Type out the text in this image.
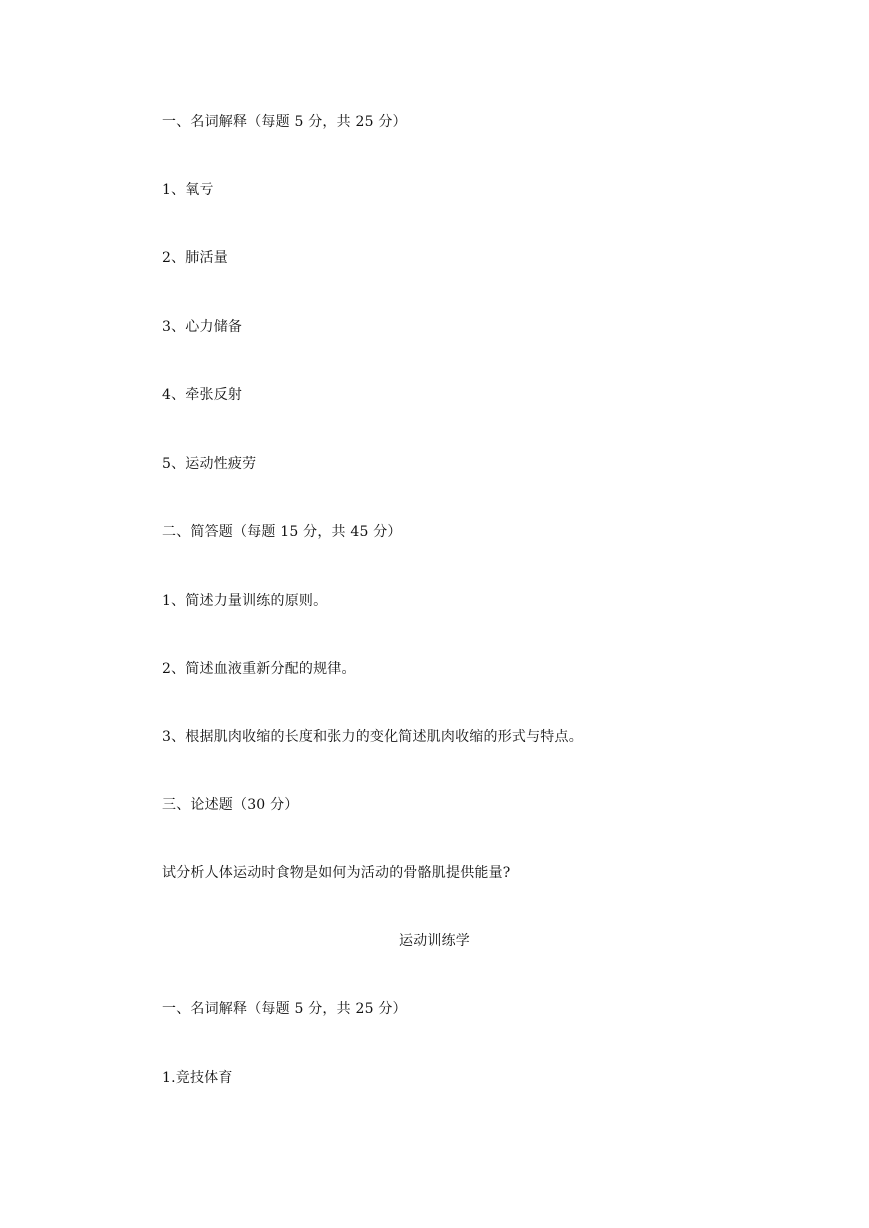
一、名词解释（每题 5 分，共 25 分）
1、氧亏
2、肺活量
3、心力储备
4、牵张反射
5、运动性疲劳
二、简答题（每题 15 分，共 45 分）
1、简述力量训练的原则。
2、简述血液重新分配的规律。
3、根据肌肉收缩的长度和张力的变化简述肌肉收缩的形式与特点。
三、论述题（30 分）
试分析人体运动时食物是如何为活动的骨骼肌提供能量?
运动训练学
一、名词解释（每题 5 分，共 25 分）
1.竞技体育
